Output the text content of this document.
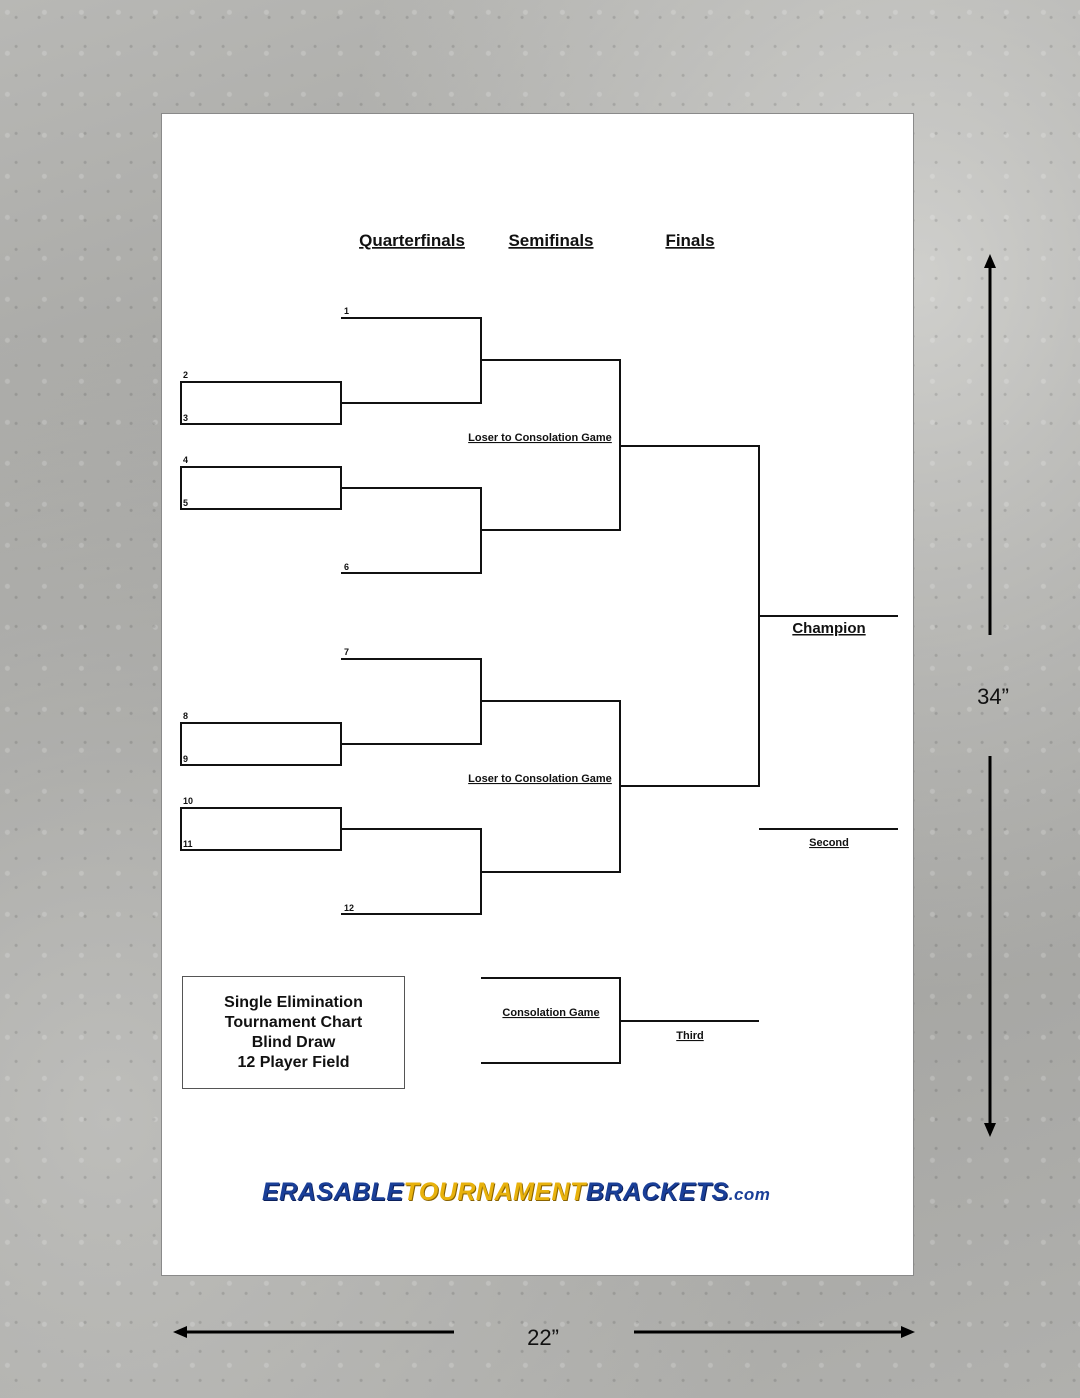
Quarterfinals	Semifinals	Finals
1
2
3
4
5
6
7
8
9
10
11
12
Loser to Consolation Game
Loser to Consolation Game
Champion
Second
Consolation Game
Third
34”
22”
Single Elimination
Tournament Chart
Blind Draw
12 Player Field
ERASABLETOURNAMENTBRACKETS.com
